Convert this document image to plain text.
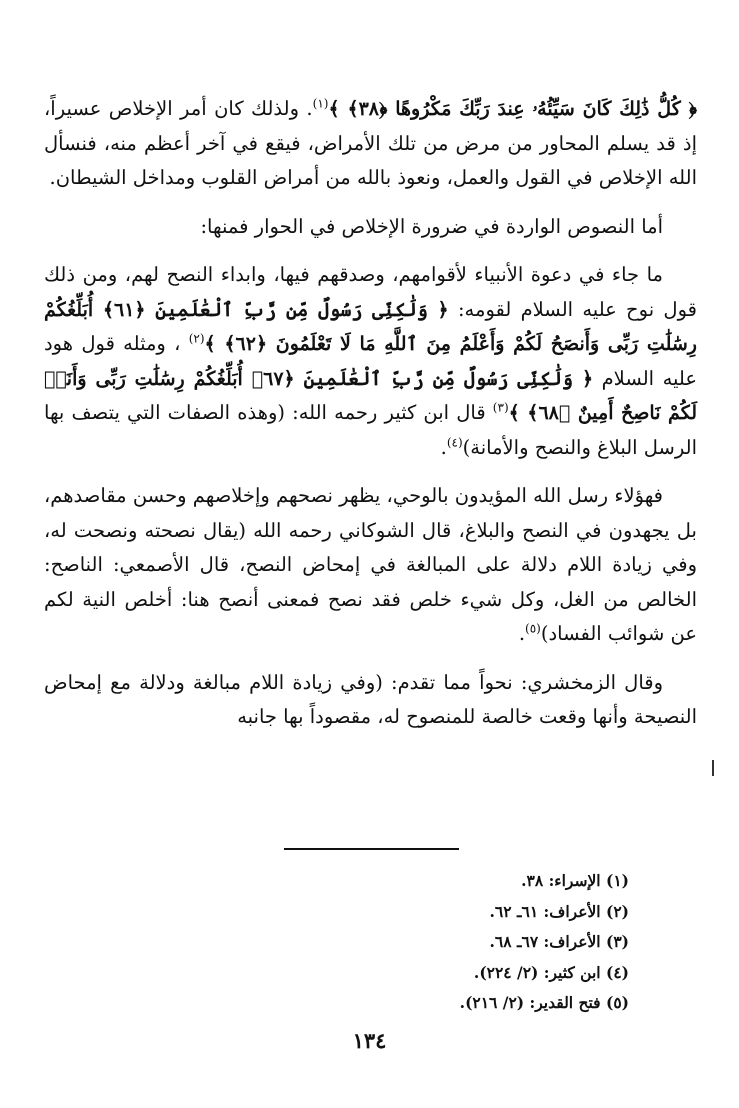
﴿ كُلُّ ذَٰلِكَ كَانَ سَيِّئُهُۥ عِندَ رَبِّكَ مَكْرُوهًا ﴿٣٨﴾ ﴾$^{(١)}$. ولذلك كان أمر الإخلاص عسيراً، إذ قد يسلم المحاور من مرض من تلك الأمراض، فيقع في آخر أعظم منه، فنسأل الله الإخلاص في القول والعمل، ونعوذ بالله من أمراض القلوب ومداخل الشيطان.

أما النصوص الواردة في ضرورة الإخلاص في الحوار فمنها:

ما جاء في دعوة الأنبياء لأقوامهم، وصدقهم فيها، وابداء النصح لهم، ومن ذلك قول نوح عليه السلام لقومه: ﴿ وَلَٰكِنِّى رَسُولٌ مِّن رَّبِّ ٱلْعَٰلَمِينَ ﴿٦١﴾ أُبَلِّغُكُمْ رِسَٰلَٰتِ رَبِّى وَأَنصَحُ لَكُمْ وَأَعْلَمُ مِنَ ٱللَّهِ مَا لَا تَعْلَمُونَ ﴿٦٢﴾ ﴾$^{(٢)}$ ، ومثله قول هود عليه السلام ﴿ وَلَٰكِنِّى رَسُولٌ مِّن رَّبِّ ٱلْعَٰلَمِينَ ﴿٦٧﴾ أُبَلِّغُكُمْ رِسَٰلَٰتِ رَبِّى وَأَنَا۠ لَكُمْ نَاصِحٌ أَمِينٌ ﴿٦٨﴾ ﴾$^{(٣)}$ قال ابن كثير رحمه الله: (وهذه الصفات التي يتصف بها الرسل البلاغ والنصح والأمانة)$^{(٤)}$.

فهؤلاء رسل الله المؤيدون بالوحي، يظهر نصحهم وإخلاصهم وحسن مقاصدهم، بل يجهدون في النصح والبلاغ، قال الشوكاني رحمه الله (يقال نصحته ونصحت له، وفي زيادة اللام دلالة على المبالغة في إمحاض النصح، قال الأصمعي: الناصح: الخالص من الغل، وكل شيء خلص فقد نصح فمعنى أنصح هنا: أخلص النية لكم عن شوائب الفساد)$^{(٥)}$.

وقال الزمخشري: نحواً مما تقدم: (وفي زيادة اللام مبالغة ودلالة مع إمحاض النصيحة وأنها وقعت خالصة للمنصوح له، مقصوداً بها جانبه

(١) الإسراء: ٣٨.
(٢) الأعراف: ٦١ـ ٦٢.
(٣) الأعراف: ٦٧ـ ٦٨.
(٤) ابن كثير: (٢/ ٢٢٤).
(٥) فتح القدير: (٢/ ٢١٦).
١٣٤
